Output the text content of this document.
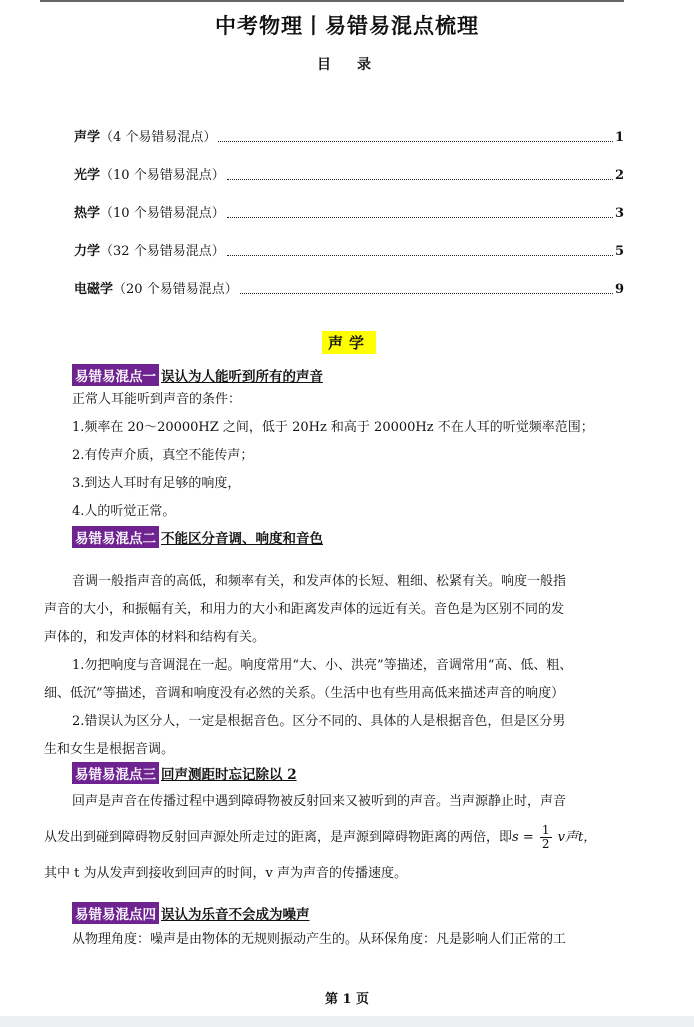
中考物理丨易错易混点梳理
目　录
声学（4 个易错易混点）	1
光学（10 个易错易混点）	2
热学（10 个易错易混点）	3
力学（32 个易错易混点）	5
电磁学（20 个易错易混点）	9
声学
易错易混点一 误认为人能听到所有的声音
正常人耳能听到声音的条件：
1.频率在 20～20000HZ 之间，低于 20Hz 和高于 20000Hz 不在人耳的听觉频率范围；
2.有传声介质，真空不能传声；
3.到达人耳时有足够的响度，
4.人的听觉正常。
易错易混点二 不能区分音调、响度和音色
音调一般指声音的高低，和频率有关，和发声体的长短、粗细、松紧有关。响度一般指
声音的大小，和振幅有关，和用力的大小和距离发声体的远近有关。音色是为区别不同的发
声体的，和发声体的材料和结构有关。
1.勿把响度与音调混在一起。响度常用“大、小、洪亮”等描述，音调常用“高、低、粗、
细、低沉”等描述，音调和响度没有必然的关系。（生活中也有些用高低来描述声音的响度）
2.错误认为区分人，一定是根据音色。区分不同的、具体的人是根据音色，但是区分男
生和女生是根据音调。
易错易混点三 回声测距时忘记除以 2
回声是声音在传播过程中遇到障碍物被反射回来又被听到的声音。当声源静止时，声音
从发出到碰到障碍物反射回声源处所走过的距离，是声源到障碍物距离的两倍，即 $s = \frac{1}{2}$ v声t，
其中 t 为从发声到接收到回声的时间，v 声为声音的传播速度。
易错易混点四 误认为乐音不会成为噪声
从物理角度：噪声是由物体的无规则振动产生的。从环保角度：凡是影响人们正常的工
第 1 页
